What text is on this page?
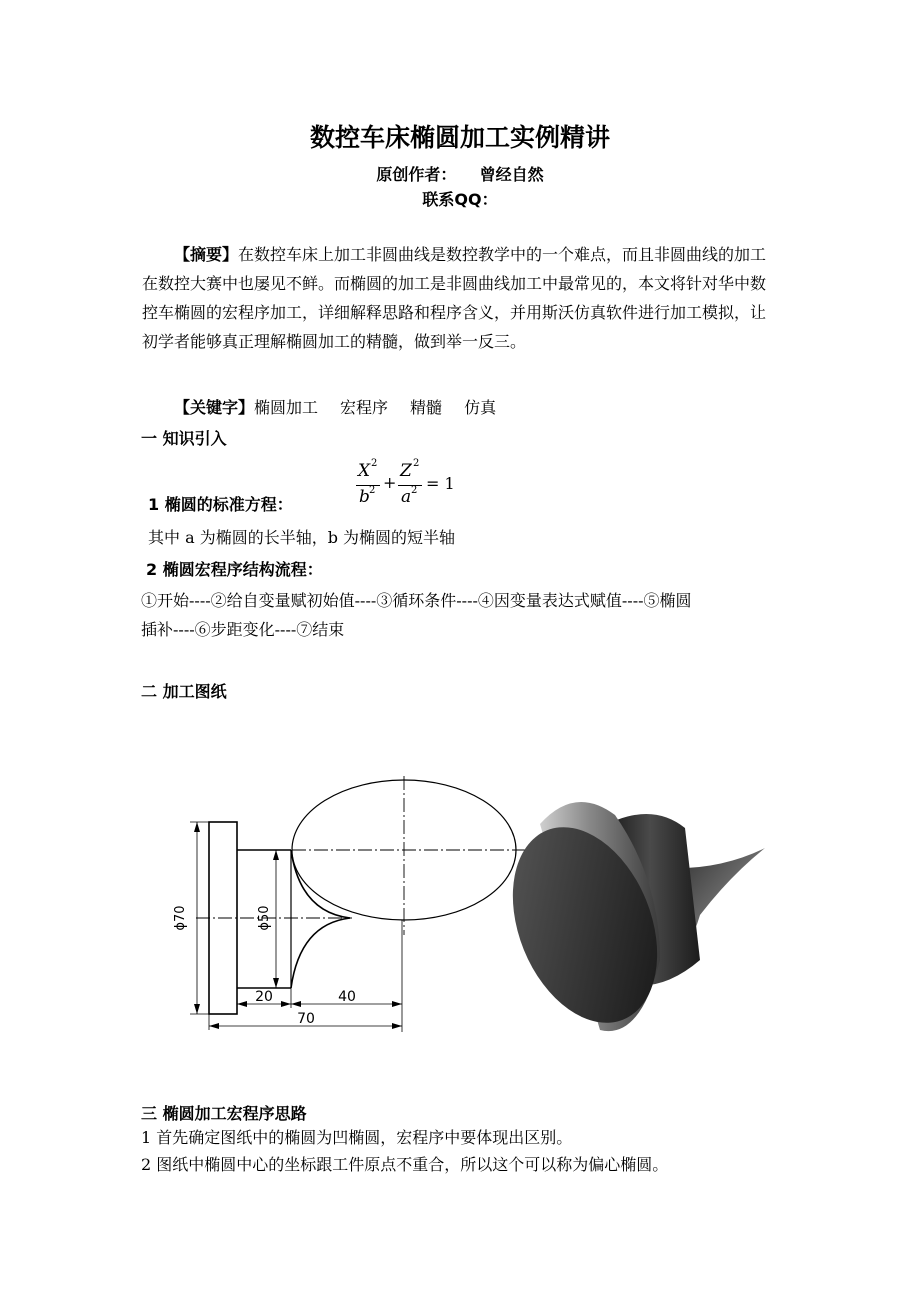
数控车床椭圆加工实例精讲
原创作者： 曾经自然
联系QQ：
【摘要】在数控车床上加工非圆曲线是数控教学中的一个难点，而且非圆曲线的加工在数控大赛中也屡见不鲜。而椭圆的加工是非圆曲线加工中最常见的，本文将针对华中数控车椭圆的宏程序加工，详细解释思路和程序含义，并用斯沃仿真软件进行加工模拟，让初学者能够真正理解椭圆加工的精髓，做到举一反三。
【关键字】椭圆加工 宏程序 精髓 仿真
一 知识引入
1 椭圆的标准方程：
X 2
b 2 +
Z 2
a 2 = 1
其中 a 为椭圆的长半轴，b 为椭圆的短半轴
2 椭圆宏程序结构流程：
①开始----②给自变量赋初始值----③循环条件----④因变量表达式赋值----⑤椭圆
插补----⑥步距变化----⑦结束
二 加工图纸
ϕ70	ϕ50
20	40
70
三 椭圆加工宏程序思路
1 首先确定图纸中的椭圆为凹椭圆，宏程序中要体现出区别。
2 图纸中椭圆中心的坐标跟工件原点不重合，所以这个可以称为偏心椭圆。
